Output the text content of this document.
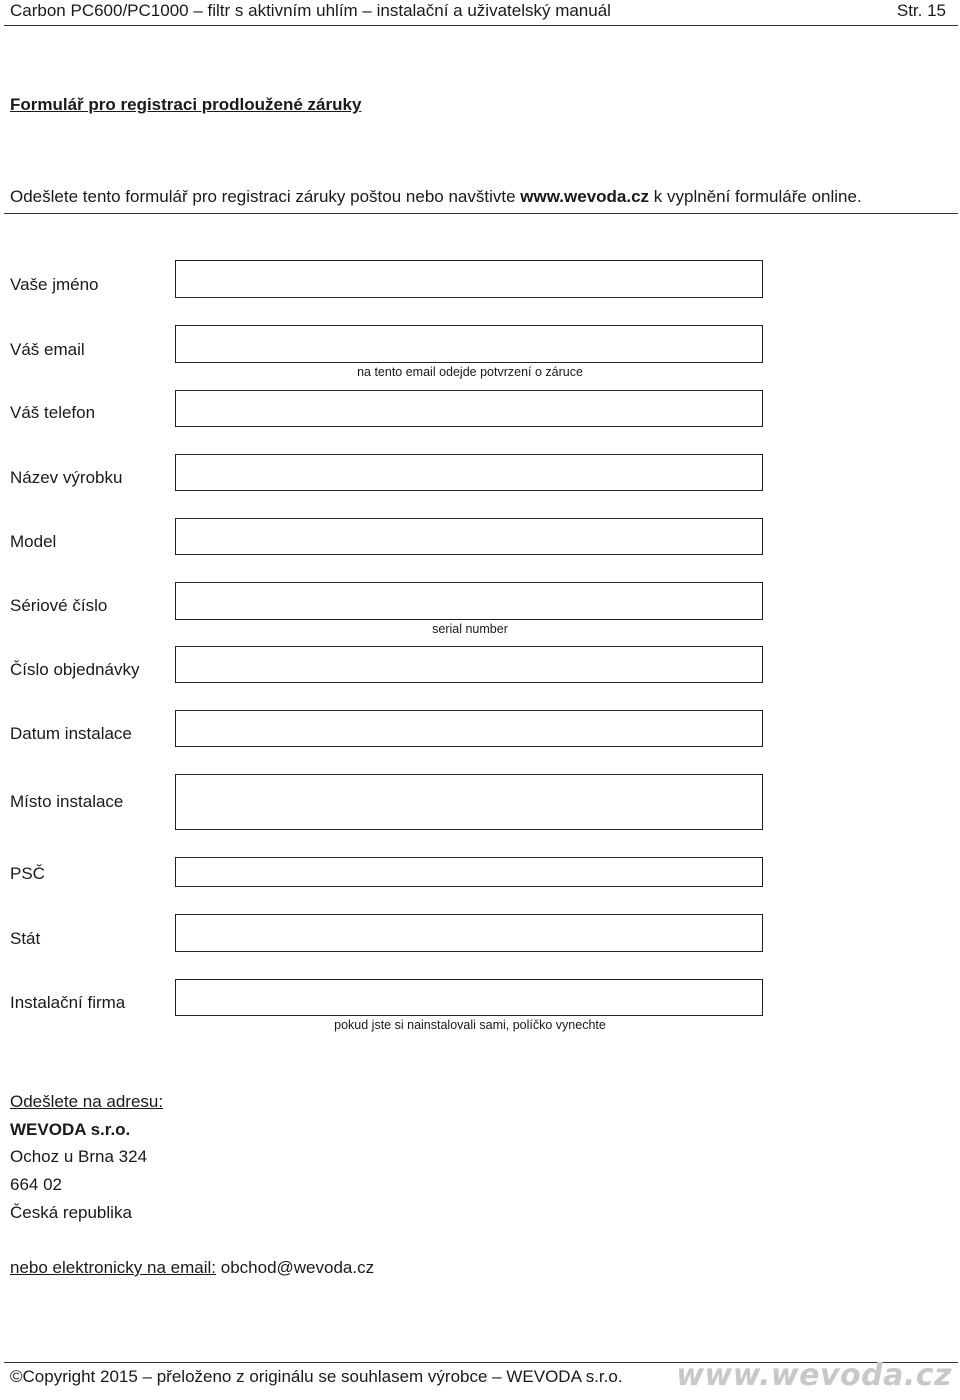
Carbon PC600/PC1000 – filtr s aktivním uhlím – instalační a uživatelský manuál	Str. 15
Formulář pro registraci prodloužené záruky
Odešlete tento formulář pro registraci záruky poštou nebo navštivte www.wevoda.cz k vyplnění formuláře online.
Vaše jméno
Váš email
na tento email odejde potvrzení o záruce
Váš telefon
Název výrobku
Model
Sériové číslo
serial number
Číslo objednávky
Datum instalace
Místo instalace
PSČ
Stát
Instalační firma
pokud jste si nainstalovali sami, políčko vynechte
Odešlete na adresu:
WEVODA s.r.o.
Ochoz u Brna 324
664 02
Česká republika
nebo elektronicky na email: obchod@wevoda.cz
©Copyright 2015 – přeloženo z originálu se souhlasem výrobce – WEVODA s.r.o. www.wevoda.cz
